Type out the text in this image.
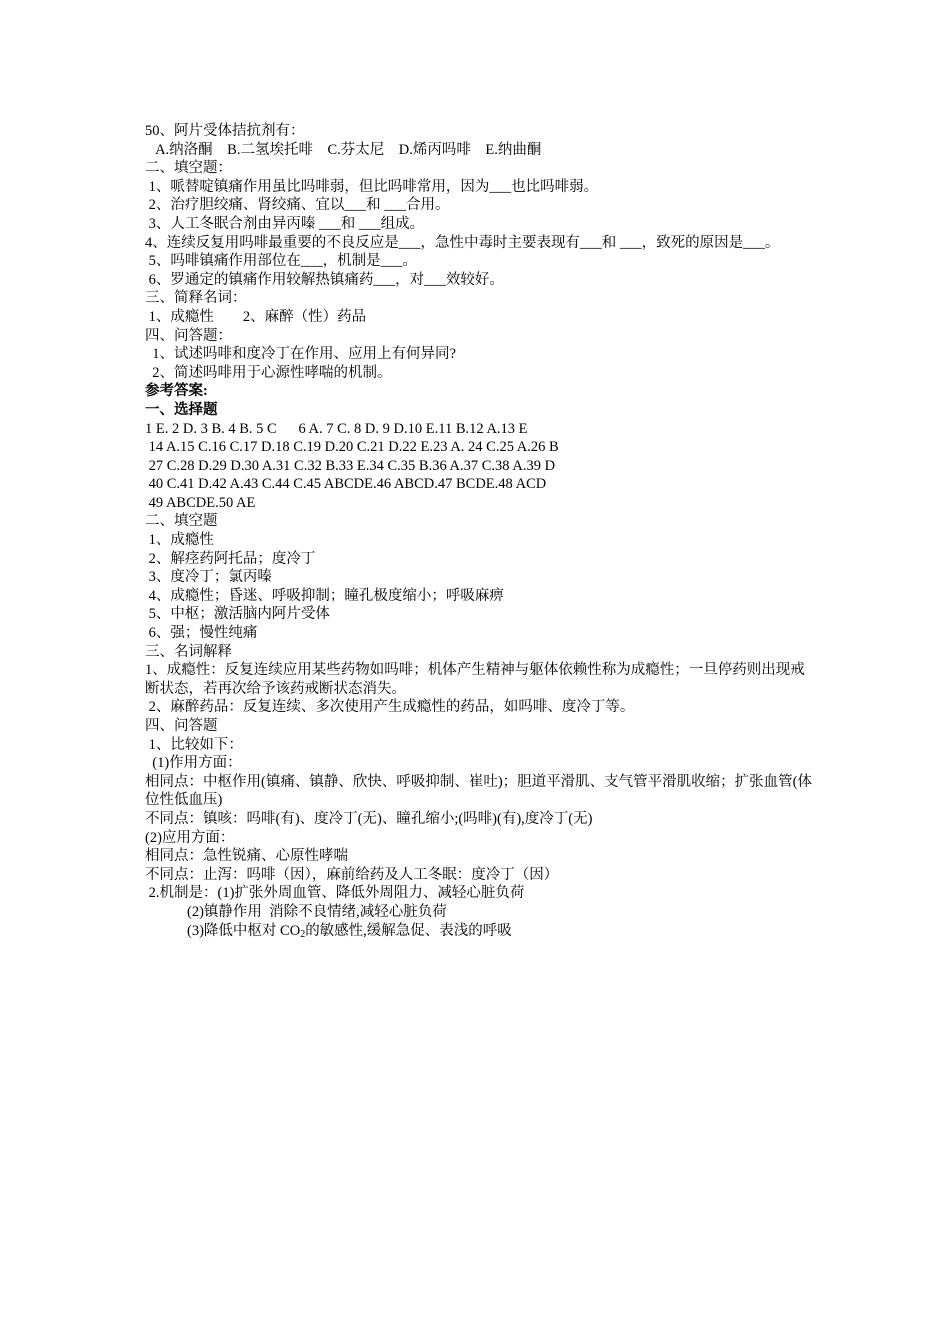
50、阿片受体拮抗剂有：

A.纳洛酮    B.二氢埃托啡    C.芬太尼    D.烯丙吗啡    E.纳曲酮

二、填空题：

1、哌替啶镇痛作用虽比吗啡弱，但比吗啡常用，因为___也比吗啡弱。

2、治疗胆绞痛、肾绞痛、宜以___和 ___合用。

3、人工冬眠合剂由异丙嗪 ___和 ___组成。

4、连续反复用吗啡最重要的不良反应是___，急性中毒时主要表现有___和 ___，致死的原因是___。

5、吗啡镇痛作用部位在___，机制是___。

6、罗通定的镇痛作用较解热镇痛药___，对___效较好。

三、简释名词：

1、成瘾性        2、麻醉（性）药品

四、问答题：

1、试述吗啡和度冷丁在作用、应用上有何异同?

2、简述吗啡用于心源性哮喘的机制。

参考答案:

一、选择题

1 E. 2 D. 3 B. 4 B. 5 C      6 A. 7 C. 8 D. 9 D.10 E.11 B.12 A.13 E

14 A.15 C.16 C.17 D.18 C.19 D.20 C.21 D.22 E.23 A. 24 C.25 A.26 B

27 C.28 D.29 D.30 A.31 C.32 B.33 E.34 C.35 B.36 A.37 C.38 A.39 D

40 C.41 D.42 A.43 C.44 C.45 ABCDE.46 ABCD.47 BCDE.48 ACD

49 ABCDE.50 AE

二、填空题

1、成瘾性

2、解痉药阿托品；度冷丁

3、度冷丁；氯丙嗪

4、成瘾性；昏迷、呼吸抑制；瞳孔极度缩小；呼吸麻痹

5、中枢；激活脑内阿片受体

6、强；慢性纯痛

三、名词解释

1、成瘾性：反复连续应用某些药物如吗啡；机体产生精神与躯体依赖性称为成瘾性；一旦停药则出现戒断状态，若再次给予该药戒断状态消失。

2、麻醉药品：反复连续、多次使用产生成瘾性的药品，如吗啡、度冷丁等。

四、问答题

1、比较如下：

(1)作用方面：

相同点：中枢作用(镇痛、镇静、欣快、呼吸抑制、崔吐)；胆道平滑肌、支气管平滑肌收缩；扩张血管(体位性低血压)

不同点：镇咳：吗啡(有)、度冷丁(无)、瞳孔缩小;(吗啡)(有),度冷丁(无)

(2)应用方面：

相同点：急性锐痛、心原性哮喘

不同点：止泻：吗啡（因），麻前给药及人工冬眠：度冷丁（因）

2.机制是：(1)扩张外周血管、降低外周阻力、减轻心脏负荷

(2)镇静作用  消除不良情绪,减轻心脏负荷

(3)降低中枢对 $CO_2$的敏感性,缓解急促、表浅的呼吸
